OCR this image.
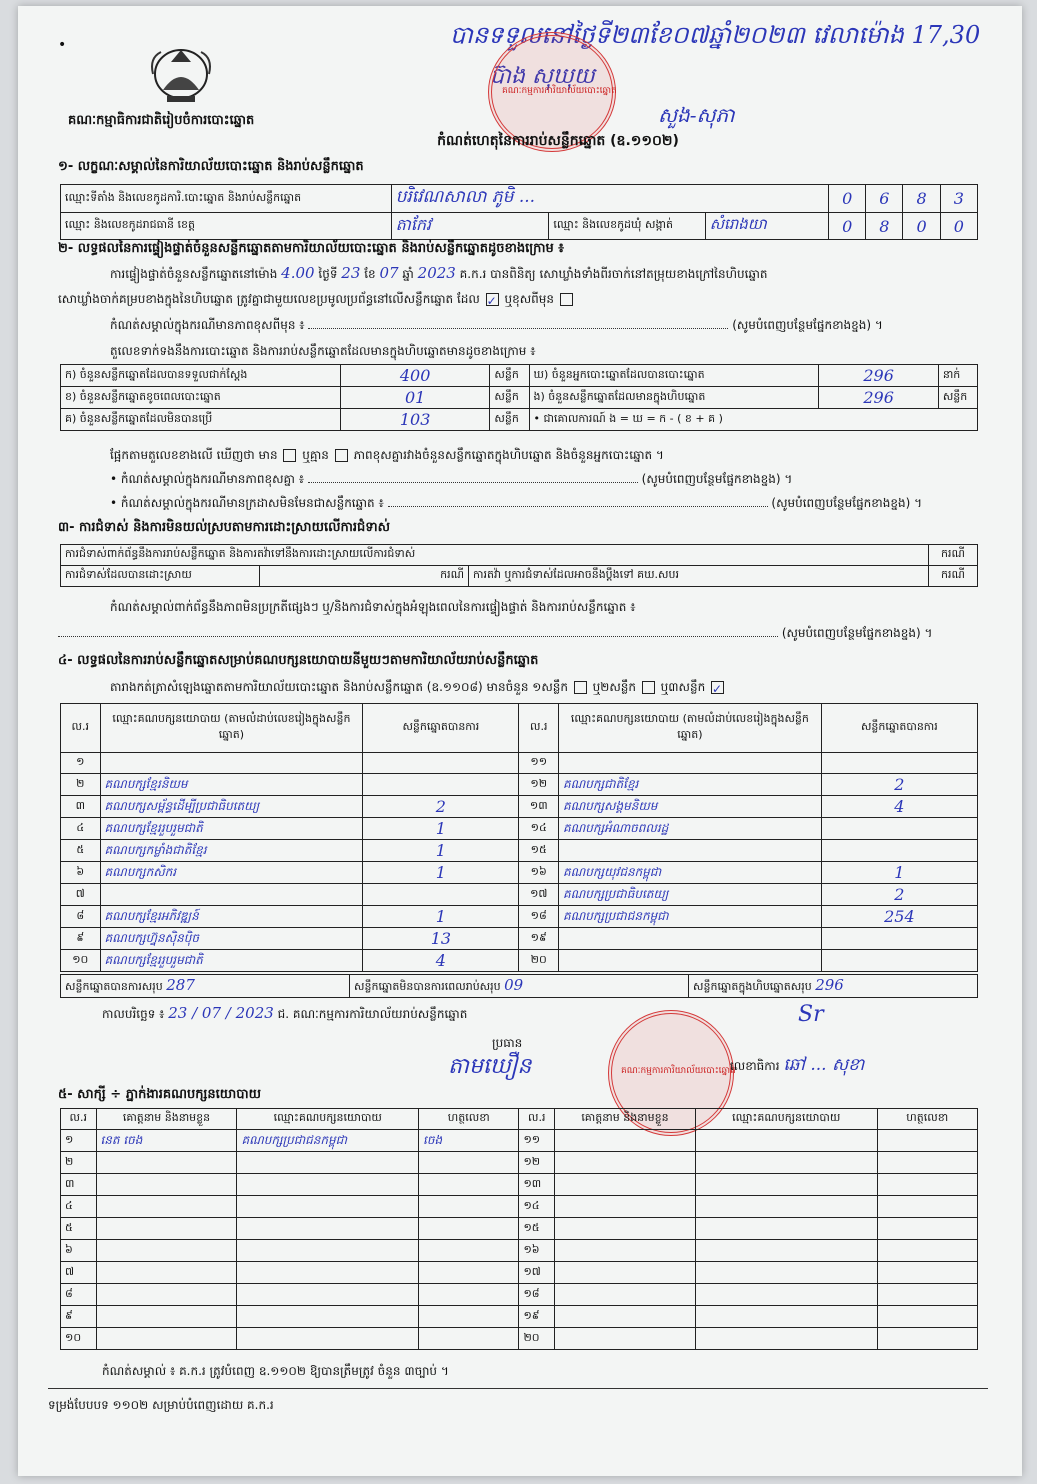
គណៈកម្មាធិការជាតិរៀបចំការបោះឆ្នោត
•	បានទទួលនៅថ្ងៃទី២៣ខែ០៧ឆ្នាំ២០២៣ វេលាម៉ោង 17,30
ប៊ាង សុឃុយ
សួង-សុភា
គណៈកម្មការការិយាល័យបោះឆ្នោត
កំណត់ហេតុនៃការរាប់សន្លឹកឆ្នោត (ឧ.១១០២)
១- លក្ខណៈសម្គាល់នៃការិយាល័យបោះឆ្នោត និងរាប់សន្លឹកឆ្នោត
ឈ្មោះទីតាំង និងលេខកូដការិ.បោះឆ្នោត និងរាប់សន្លឹកឆ្នោត	បរិវេណសាលា ភូមិ ...			0	6	8	3
ឈ្មោះ និងលេខកូដរាជធានី ខេត្ត	តាកែវ	ឈ្មោះ និងលេខកូដឃុំ សង្កាត់	សំរោងយា	0	8	0	0
២- លទ្ធផលនៃការផ្ទៀងផ្ទាត់ចំនួនសន្លឹកឆ្នោតតាមការិយាល័យបោះឆ្នោត និងរាប់សន្លឹកឆ្នោតដូចខាងក្រោម ៖
ការផ្ទៀងផ្ទាត់ចំនួនសន្លឹកឆ្នោតនៅម៉ោង 4.00 ថ្ងៃទី 23 ខែ 07 ឆ្នាំ 2023 គ.ក.រ បានពិនិត្យ សោឃ្លាំងទាំងពីរចាក់នៅតម្រុយខាងក្រៅនៃហិបឆ្នោត
សោឃ្លាំងចាក់គម្របខាងក្នុងនៃហិបឆ្នោត ត្រូវគ្នាជាមួយលេខប្រមូលប្រព័ន្ធនៅលើសន្លឹកឆ្នោត ដែល ✓ ឬខុសពីមុន
កំណត់សម្គាល់ក្នុងករណីមានភាពខុសពីមុន ៖	(សូមបំពេញបន្ថែមផ្នែកខាងខ្នង) ។
តួលេខទាក់ទងនឹងការបោះឆ្នោត និងការរាប់សន្លឹកឆ្នោតដែលមានក្នុងហិបឆ្នោតមានដូចខាងក្រោម ៖
ក) ចំនួនសន្លឹកឆ្នោតដែលបានទទួលជាក់ស្តែង	400	សន្លឹក	ឃ) ចំនួនអ្នកបោះឆ្នោតដែលបានបោះឆ្នោត	296	នាក់
ខ) ចំនួនសន្លឹកឆ្នោតខូចពេលបោះឆ្នោត	01	សន្លឹក	ង) ចំនួនសន្លឹកឆ្នោតដែលមានក្នុងហិបឆ្នោត	296	សន្លឹក
គ) ចំនួនសន្លឹកឆ្នោតដែលមិនបានប្រើ	103	សន្លឹក	• ជាគោលការណ៍ ង = ឃ = ក - ( ខ + គ )		
ផ្អែកតាមតួលេខខាងលើ ឃើញថា មាន ឬគ្មាន ភាពខុសគ្នារវាងចំនួនសន្លឹកឆ្នោតក្នុងហិបឆ្នោត និងចំនួនអ្នកបោះឆ្នោត ។
• កំណត់សម្គាល់ក្នុងករណីមានភាពខុសគ្នា ៖	(សូមបំពេញបន្ថែមផ្នែកខាងខ្នង) ។
• កំណត់សម្គាល់ក្នុងករណីមានក្រដាសមិនមែនជាសន្លឹកឆ្នោត ៖	(សូមបំពេញបន្ថែមផ្នែកខាងខ្នង) ។
៣- ការជំទាស់ និងការមិនយល់ស្របតាមការដោះស្រាយលើការជំទាស់
ការជំទាស់ពាក់ព័ន្ធនឹងការរាប់សន្លឹកឆ្នោត និងការតវ៉ាទៅនឹងការដោះស្រាយលើការជំទាស់			ករណី
ការជំទាស់ដែលបានដោះស្រាយ	ករណី	ការតវ៉ា ឬការជំទាស់ដែលអាចនឹងប្តឹងទៅ គឃ.សបរ	ករណី
កំណត់សម្គាល់ពាក់ព័ន្ធនឹងភាពមិនប្រក្រតីផ្សេងៗ ឬ/និងការជំទាស់ក្នុងអំឡុងពេលនៃការផ្ទៀងផ្ទាត់ និងការរាប់សន្លឹកឆ្នោត ៖
(សូមបំពេញបន្ថែមផ្នែកខាងខ្នង) ។
៤- លទ្ធផលនៃការរាប់សន្លឹកឆ្នោតសម្រាប់គណបក្សនយោបាយនីមួយៗតាមការិយាល័យរាប់សន្លឹកឆ្នោត
តារាងកត់ត្រាសំឡេងឆ្នោតតាមការិយាល័យបោះឆ្នោត និងរាប់សន្លឹកឆ្នោត (ឧ.១១០៨) មានចំនួន ១សន្លឹក ឬ២សន្លឹក ឬ៣សន្លឹក ✓
ល.រ	ឈ្មោះគណបក្សនយោបាយ (តាមលំដាប់លេខរៀងក្នុងសន្លឹកឆ្នោត)	សន្លឹកឆ្នោតបានការ	ល.រ	ឈ្មោះគណបក្សនយោបាយ (តាមលំដាប់លេខរៀងក្នុងសន្លឹកឆ្នោត)	សន្លឹកឆ្នោតបានការ
១			១១		
២	គណបក្សខ្មែរនិយម		១២	គណបក្សជាតិខ្មែរ	2
៣	គណបក្សសម្ព័ន្ធដើម្បីប្រជាធិបតេយ្យ	2	១៣	គណបក្សសង្គមនិយម	4
៤	គណបក្សខ្មែររួបរួមជាតិ	1	១៤	គណបក្សអំណាចពលរដ្ឋ	
៥	គណបក្សកម្លាំងជាតិខ្មែរ	1	១៥		
៦	គណបក្សកសិករ	1	១៦	គណបក្សយុវជនកម្ពុជា	1
៧			១៧	គណបក្សប្រជាធិបតេយ្យ	2
៨	គណបក្សខ្មែរអភិវឌ្ឍន៍	1	១៨	គណបក្សប្រជាជនកម្ពុជា	254
៩	គណបក្សហ្វ៊ុនស៊ិនប៉ិច	13	១៩		
១០	គណបក្សខ្មែររួបរួមជាតិ	4	២០		
សន្លឹកឆ្នោតបានការសរុប 287	សន្លឹកឆ្នោតមិនបានការពេលរាប់សរុប 09	សន្លឹកឆ្នោតក្នុងហិបឆ្នោតសរុប 296
កាលបរិច្ឆេទ ៖ 23 / 07 / 2023 ជ. គណៈកម្មការការិយាល័យរាប់សន្លឹកឆ្នោត	Sr
ប្រធាន
តាមឃឿន	គណៈកម្មការការិយាល័យបោះឆ្នោត
លេខាធិការ ឆៅ ... សុខា
៥- សាក្សី ÷ ភ្នាក់ងារគណបក្សនយោបាយ
ល.រ	គោត្តនាម និងនាមខ្លួន	ឈ្មោះគណបក្សនយោបាយ	ហត្ថលេខា	ល.រ	គោត្តនាម និងនាមខ្លួន	ឈ្មោះគណបក្សនយោបាយ	ហត្ថលេខា
១	នេត ចេង	គណបក្សប្រជាជនកម្ពុជា	ចេង	១១			
២				១២			
៣				១៣			
៤				១៤			
៥				១៥			
៦				១៦			
៧				១៧			
៨				១៨			
៩				១៩			
១០				២០			
កំណត់សម្គាល់ ៖ គ.ក.រ ត្រូវបំពេញ ឧ.១១០២ ឱ្យបានត្រឹមត្រូវ ចំនួន ៣ច្បាប់ ។
ទម្រង់បែបបទ ១១០២ សម្រាប់បំពេញដោយ គ.ក.រ
